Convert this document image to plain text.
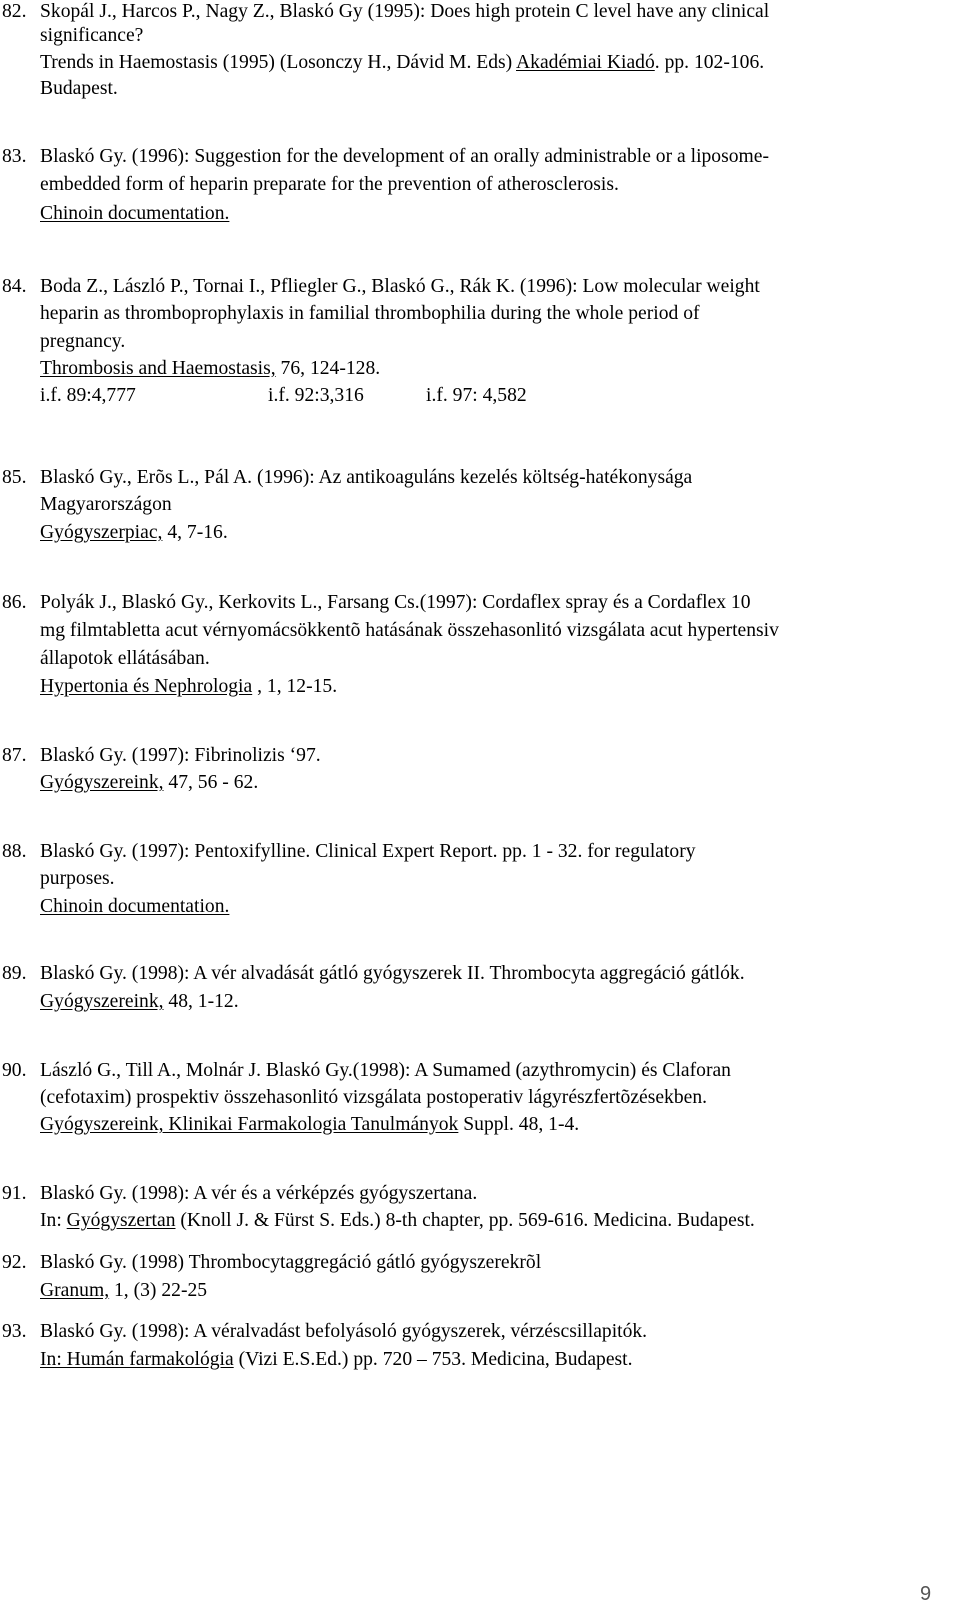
82. Skopál J., Harcos P., Nagy Z., Blaskó Gy (1995): Does high protein C level have any clinical
significance?
Trends in Haemostasis (1995) (Losonczy H., Dávid M. Eds) Akadémiai Kiadó. pp. 102-106.
Budapest.
83. Blaskó Gy. (1996): Suggestion for the development of an orally administrable or a liposome-
embedded form of heparin preparate for the prevention of atherosclerosis.
Chinoin documentation.
84. Boda Z., László P., Tornai I., Pfliegler G., Blaskó G., Rák K. (1996): Low molecular weight
heparin as thromboprophylaxis in familial thrombophilia during the whole period of
pregnancy.
Thrombosis and Haemostasis, 76, 124-128.
i.f. 89:4,777	i.f. 92:3,316	i.f. 97: 4,582
85. Blaskó Gy., Erõs L., Pál A. (1996): Az antikoaguláns kezelés költség-hatékonysága
Magyarországon
Gyógyszerpiac, 4, 7-16.
86. Polyák J., Blaskó Gy., Kerkovits L., Farsang Cs.(1997): Cordaflex spray és a Cordaflex 10
mg filmtabletta acut vérnyomácsökkentõ hatásának összehasonlitó vizsgálata acut hypertensiv
állapotok ellátásában.
Hypertonia és Nephrologia , 1, 12-15.
87. Blaskó Gy. (1997): Fibrinolizis ‘97.
Gyógyszereink, 47, 56 - 62.
88. Blaskó Gy. (1997): Pentoxifylline. Clinical Expert Report. pp. 1 - 32. for regulatory
purposes.
Chinoin documentation.
89. Blaskó Gy. (1998): A vér alvadását gátló gyógyszerek II. Thrombocyta aggregáció gátlók.
Gyógyszereink, 48, 1-12.
90. László G., Till A., Molnár J. Blaskó Gy.(1998): A Sumamed (azythromycin) és Claforan
(cefotaxim) prospektiv összehasonlitó vizsgálata postoperativ lágyrészfertõzésekben.
Gyógyszereink, Klinikai Farmakologia Tanulmányok Suppl. 48, 1-4.
91. Blaskó Gy. (1998): A vér és a vérképzés gyógyszertana.
In: Gyógyszertan (Knoll J. & Fürst S. Eds.) 8-th chapter, pp. 569-616. Medicina. Budapest.
92. Blaskó Gy. (1998) Thrombocytaggregáció gátló gyógyszerekrõl
Granum, 1, (3) 22-25
93. Blaskó Gy. (1998): A véralvadást befolyásoló gyógyszerek, vérzéscsillapitók.
In: Humán farmakológia (Vizi E.S.Ed.) pp. 720 – 753. Medicina, Budapest.
9
